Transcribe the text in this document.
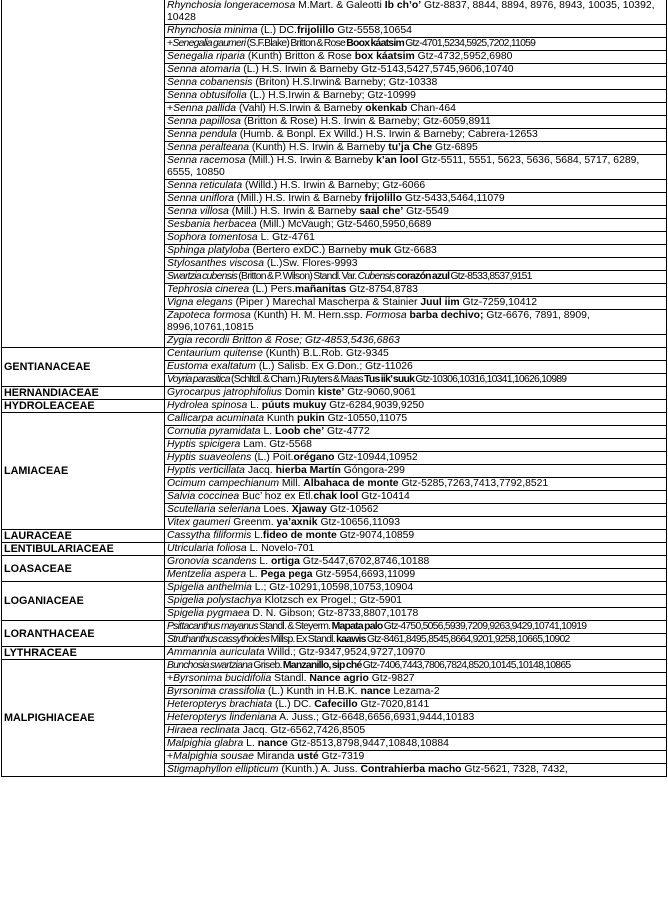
	Rhynchosia longeracemosa M.Mart. & Galeotti Ib ch’o’ Gtz-8837, 8844, 8894, 8976, 8943, 10035, 10392, 10428
	Rhynchosia minima (L.) DC.frijolillo Gtz-5558,10654
	+Senegalia gaumeri (S.F.Blake) Britton & Rose Boox káatsim Gtz-4701,5234,5925,7202,11059
	Senegalia riparia (Kunth) Britton & Rose box káatsim Gtz-4732,5952,6980
	Senna atomaria (L.) H.S. Irwin & Barneby Gtz-5143,5427,5745,9606,10740
	Senna cobanensis (Briton) H.S.Irwin& Barneby; Gtz-10338
	Senna obtusifolia (L.) H.S.Irwin & Barneby; Gtz-10999
	+Senna pallida (Vahl) H.S.Irwin & Barneby okenkab Chan-464
	Senna papillosa (Britton & Rose) H.S. Irwin & Barneby; Gtz-6059,8911
	Senna pendula (Humb. & Bonpl. Ex Willd.) H.S. Irwin & Barneby; Cabrera-12653
	Senna peralteana (Kunth) H.S. Irwin & Barneby tu’ja Che Gtz-6895
	Senna racemosa (Mill.) H.S. Irwin & Barneby k’an lool Gtz-5511, 5551, 5623, 5636, 5684, 5717, 6289, 6555, 10850
	Senna reticulata (Willd.) H.S. Irwin & Barneby; Gtz-6066
	Senna uniflora (Mill.) H.S. Irwin & Barneby frijolillo Gtz-5433,5464,11079
	Senna villosa (Mill.) H.S. Irwin & Barneby saal che’ Gtz-5549
	Sesbania herbacea (Mill.) McVaugh; Gtz-5460,5950,6689
	Sophora tomentosa L. Gtz-4761
	Sphinga platyloba (Bertero exDC.) Barneby muk Gtz-6683
	Stylosanthes viscosa (L.)Sw. Flores-9993
	Swartzia cubensis (Britton & P. Wilson) Standl. Var. Cubensis corazón azul Gtz-8533,8537,9151
	Tephrosia cinerea (L.) Pers.mañanitas Gtz-8754,8783
	Vigna elegans (Piper ) Marechal Mascherpa & Stainier Juul iim Gtz-7259,10412
	Zapoteca formosa (Kunth) H. M. Hern.ssp. Formosa barba dechivo; Gtz-6676, 7891, 8909, 8996,10761,10815
	Zygia recordii Britton & Rose; Gtz-4853,5436,6863
GENTIANACEAE	Centaurium quitense (Kunth) B.L.Rob. Gtz-9345
	Eustoma exaltatum (L.) Salisb. Ex G.Don.; Gtz-11026
	Voyria parasitica (Schltdl. & Cham.) Ruyters & Maas Tus iik’ suuk Gtz-10306,10316,10341,10626,10989
HERNANDIACEAE	Gyrocarpus jatrophifolius Domin kiste’ Gtz-9060,9061
HYDROLEACEAE	Hydrolea spinosa L. púuts mukuy Gtz-6284,9039,9250
LAMIACEAE	Callicarpa acuminata Kunth pukin Gtz-10550,11075
	Cornutia pyramidata L. Loob che’ Gtz-4772
	Hyptis spicigera Lam. Gtz-5568
	Hyptis suaveolens (L.) Poit.orégano Gtz-10944,10952
	Hyptis verticillata Jacq. hierba Martín Góngora-299
	Ocimum campechianum Mill. Albahaca de monte Gtz-5285,7263,7413,7792,8521
	Salvia coccinea Buc’ hoz ex Etl.chak lool Gtz-10414
	Scutellaria seleriana Loes. Xjaway Gtz-10562
	Vitex gaumeri Greenm. ya’axnik Gtz-10656,11093
LAURACEAE	Cassytha filiformis L.fideo de monte Gtz-9074,10859
LENTIBULARIACEAE	Utricularia foliosa L. Novelo-701
LOASACEAE	Gronovia scandens L. ortiga Gtz-5447,6702,8746,10188
	Mentzelia aspera L. Pega pega Gtz-5954,6693,11099
LOGANIACEAE	Spigelia anthelmia L.; Gtz-10291,10598,10753,10904
	Spigelia polystachya Klotzsch ex Progel.; Gtz-5901
	Spigelia pygmaea D. N. Gibson; Gtz-8733,8807,10178
LORANTHACEAE	Psittacanthus mayanus Standl. & Steyerm. Mapata palo Gtz-4750,5056,5939,7209,9263,9429,10741,10919
	Struthanthus cassythoides Millsp. Ex Standl. kaawis Gtz-8461,8495,8545,8664,9201,9258,10665,10902
LYTHRACEAE	Ammannia auriculata Willd.; Gtz-9347,9524,9727,10970
MALPIGHIACEAE	Bunchosia swartziana Griseb. Manzanillo, sip ché Gtz-7406,7443,7806,7824,8520,10145,10148,10865
	+Byrsonima bucidifolia Standl. Nance agrio Gtz-9827
	Byrsonima crassifolia (L.) Kunth in H.B.K. nance Lezama-2
	Heteropterys brachiata (L.) DC. Cafecillo Gtz-7020,8141
	Heteropterys lindeniana A. Juss.; Gtz-6648,6656,6931,9444,10183
	Hiraea reclinata Jacq. Gtz-6562,7426,8505
	Malpighia glabra L. nance Gtz-8513,8798,9447,10848,10884
	+Malpighia sousae Miranda usté Gtz-7319
	Stigmaphyllon ellipticum (Kunth.) A. Juss. Contrahierba macho Gtz-5621, 7328, 7432,
